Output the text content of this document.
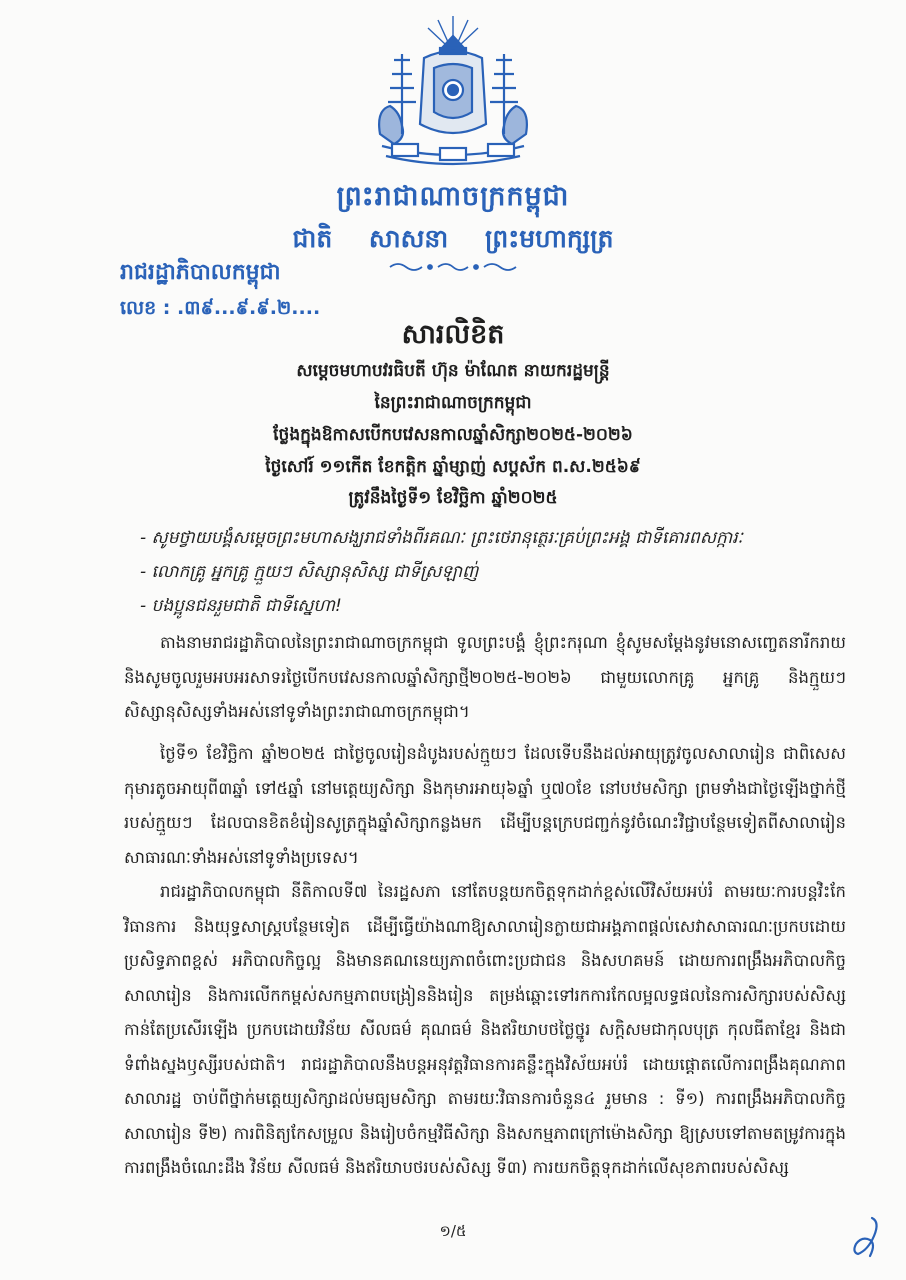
ព្រះរាជាណាចក្រកម្ពុជា
ជាតិ សាសនា ព្រះមហាក្សត្រ
រាជរដ្ឋាភិបាលកម្ពុជា
លេខ : .៣៩...៩.៩.២....
សារលិខិត
សម្តេចមហាបវរធិបតី ហ៊ុន ម៉ាណែត នាយករដ្ឋមន្ត្រី
នៃព្រះរាជាណាចក្រកម្ពុជា
ថ្លែងក្នុងឱកាសបើកបវេសនកាលឆ្នាំសិក្សា២០២៥-២០២៦
ថ្ងៃសៅរ៍ ១១កើត ខែកត្តិក ឆ្នាំម្សាញ់ សប្តស័ក ព.ស.២៥៦៩
ត្រូវនឹងថ្ងៃទី១ ខែវិច្ឆិកា ឆ្នាំ២០២៥
- សូមថ្វាយបង្គំសម្តេចព្រះមហាសង្ឃរាជទាំងពីរគណៈ ព្រះថេរានុត្ថេរៈគ្រប់ព្រះអង្គ ជាទីគោរពសក្ការៈ
- លោកគ្រូ អ្នកគ្រូ ក្មួយៗ សិស្សានុសិស្ស ជាទីស្រឡាញ់
- បងប្អូនជនរួមជាតិ ជាទីស្នេហា!

តាងនាមរាជរដ្ឋាភិបាលនៃព្រះរាជាណាចក្រកម្ពុជា ទូលព្រះបង្គំ ខ្ញុំព្រះករុណា ខ្ញុំសូមសម្តែងនូវមនោសញ្ចេតនារីករាយ និងសូមចូលរួមអបអរសាទរថ្ងៃបើកបវេសនកាលឆ្នាំសិក្សាថ្មី២០២៥-២០២៦ ជាមួយលោកគ្រូ អ្នកគ្រូ និងក្មួយៗសិស្សានុសិស្សទាំងអស់នៅទូទាំងព្រះរាជាណាចក្រកម្ពុជា។

ថ្ងៃទី១ ខែវិច្ឆិកា ឆ្នាំ២០២៥ ជាថ្ងៃចូលរៀនដំបូងរបស់ក្មួយៗ ដែលទើបនឹងដល់អាយុត្រូវចូលសាលារៀន ជាពិសេសកុមារតូចអាយុពី៣ឆ្នាំ ទៅ៥ឆ្នាំ នៅមត្តេយ្យសិក្សា និងកុមារអាយុ៦ឆ្នាំ ឬ៧០ខែ នៅបឋមសិក្សា ព្រមទាំងជាថ្ងៃឡើងថ្នាក់ថ្មីរបស់ក្មួយៗ ដែលបានខិតខំរៀនសូត្រក្នុងឆ្នាំសិក្សាកន្លងមក ដើម្បីបន្តក្រេបជញ្ជក់នូវចំណេះវិជ្ជាបន្ថែមទៀតពីសាលារៀនសាធារណៈទាំងអស់នៅទូទាំងប្រទេស។

រាជរដ្ឋាភិបាលកម្ពុជា នីតិកាលទី៧ នៃរដ្ឋសភា នៅតែបន្តយកចិត្តទុកដាក់ខ្ពស់លើវិស័យអប់រំ តាមរយៈការបន្តវិះកែវិធានការ និងយុទ្ធសាស្ត្របន្ថែមទៀត ដើម្បីធ្វើយ៉ាងណាឱ្យសាលារៀនក្លាយជាអង្គភាពផ្តល់សេវាសាធារណៈប្រកបដោយប្រសិទ្ធភាពខ្ពស់ អភិបាលកិច្ចល្អ និងមានគណនេយ្យភាពចំពោះប្រជាជន និងសហគមន៍ ដោយការពង្រឹងអភិបាលកិច្ចសាលារៀន និងការលើកកម្ពស់សកម្មភាពបង្រៀននិងរៀន តម្រង់ឆ្ពោះទៅរកការកែលម្អលទ្ធផលនៃការសិក្សារបស់សិស្សកាន់តែប្រសើរឡើង ប្រកបដោយវិន័យ សីលធម៌ គុណធម៌ និងឥរិយាបថថ្លៃថ្នូរ សក្តិសមជាកុលបុត្រ កុលធីតាខ្មែរ និងជាទំពាំងស្នងឫស្សីរបស់ជាតិ។ រាជរដ្ឋាភិបាលនឹងបន្តអនុវត្តវិធានការគន្លឹះក្នុងវិស័យអប់រំ ដោយផ្តោតលើការពង្រឹងគុណភាពសាលារដ្ឋ ចាប់ពីថ្នាក់មត្តេយ្យសិក្សាដល់មធ្យមសិក្សា តាមរយៈវិធានការចំនួន៤ រួមមាន : ទី១) ការពង្រឹងអភិបាលកិច្ចសាលារៀន ទី២) ការពិនិត្យកែសម្រួល និងរៀបចំកម្មវិធីសិក្សា និងសកម្មភាពក្រៅម៉ោងសិក្សា ឱ្យស្របទៅតាមតម្រូវការក្នុងការពង្រឹងចំណេះដឹង វិន័យ សីលធម៌ និងឥរិយាបថរបស់សិស្ស ទី៣) ការយកចិត្តទុកដាក់លើសុខភាពរបស់សិស្ស

១/៥
